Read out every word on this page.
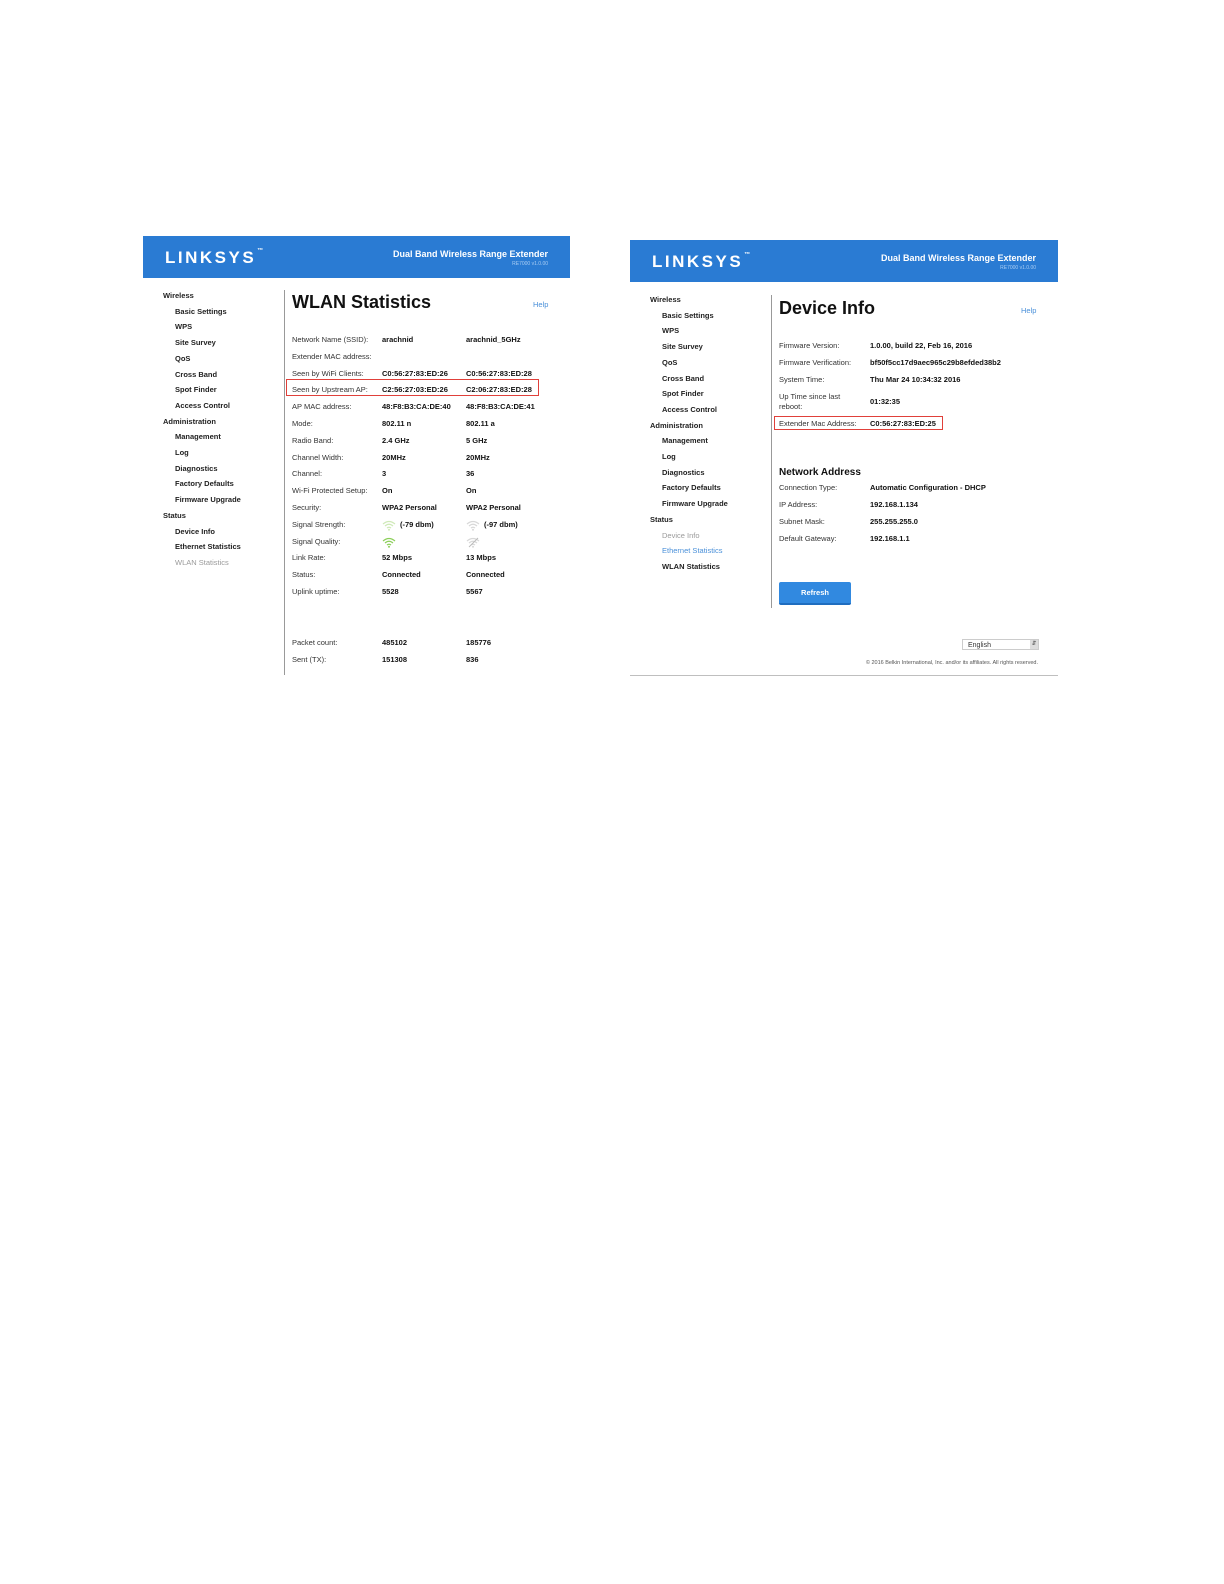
LINKSYS™	Dual Band Wireless Range Extender
RE7000 v1.0.00
Wireless
Basic Settings
WPS
Site Survey
QoS
Cross Band
Spot Finder
Access Control
Administration
Management
Log
Diagnostics
Factory Defaults
Firmware Upgrade
Status
Device Info
Ethernet Statistics
WLAN Statistics
WLAN Statistics	Help
Network Name (SSID): arachnid	arachnid_5GHz
Extender MAC address:
Seen by WiFi Clients: C0:56:27:83:ED:26 C0:56:27:83:ED:28
Seen by Upstream AP: C2:56:27:03:ED:26 C2:06:27:83:ED:28
AP MAC address:	48:F8:B3:CA:DE:40 48:F8:B3:CA:DE:41
Mode:	802.11 n	802.11 a
Radio Band:	2.4 GHz	5 GHz
Channel Width:	20MHz	20MHz
Channel:	3	36
Wi-Fi Protected Setup: On	On
Security:	WPA2 Personal	WPA2 Personal
Signal Strength:	(-79 dbm)	(-97 dbm)
Signal Quality:
Link Rate:	52 Mbps	13 Mbps
Status:	Connected	Connected
Uplink uptime:	5528	5567
Packet count:	485102	185776
Sent (TX):	151308	836
LINKSYS™	Dual Band Wireless Range Extender
RE7000 v1.0.00
Wireless
Basic Settings
WPS
Site Survey
QoS
Cross Band
Spot Finder
Access Control
Administration
Management
Log
Diagnostics
Factory Defaults
Firmware Upgrade
Status
Device Info
Ethernet Statistics
WLAN Statistics
Device Info	Help
Firmware Version:	1.0.00, build 22, Feb 16, 2016
Firmware Verification:	bf50f5cc17d9aec965c29b8efded38b2
System Time:	Thu Mar 24 10:34:32 2016
Up Time since last reboot:
01:32:35
Extender Mac Address: C0:56:27:83:ED:25
Network Address
Connection Type:	Automatic Configuration - DHCP
IP Address:	192.168.1.134
Subnet Mask:	255.255.255.0
Default Gateway:	192.168.1.1
Refresh
English	⇵
© 2016 Belkin International, Inc. and/or its affiliates. All rights reserved.
